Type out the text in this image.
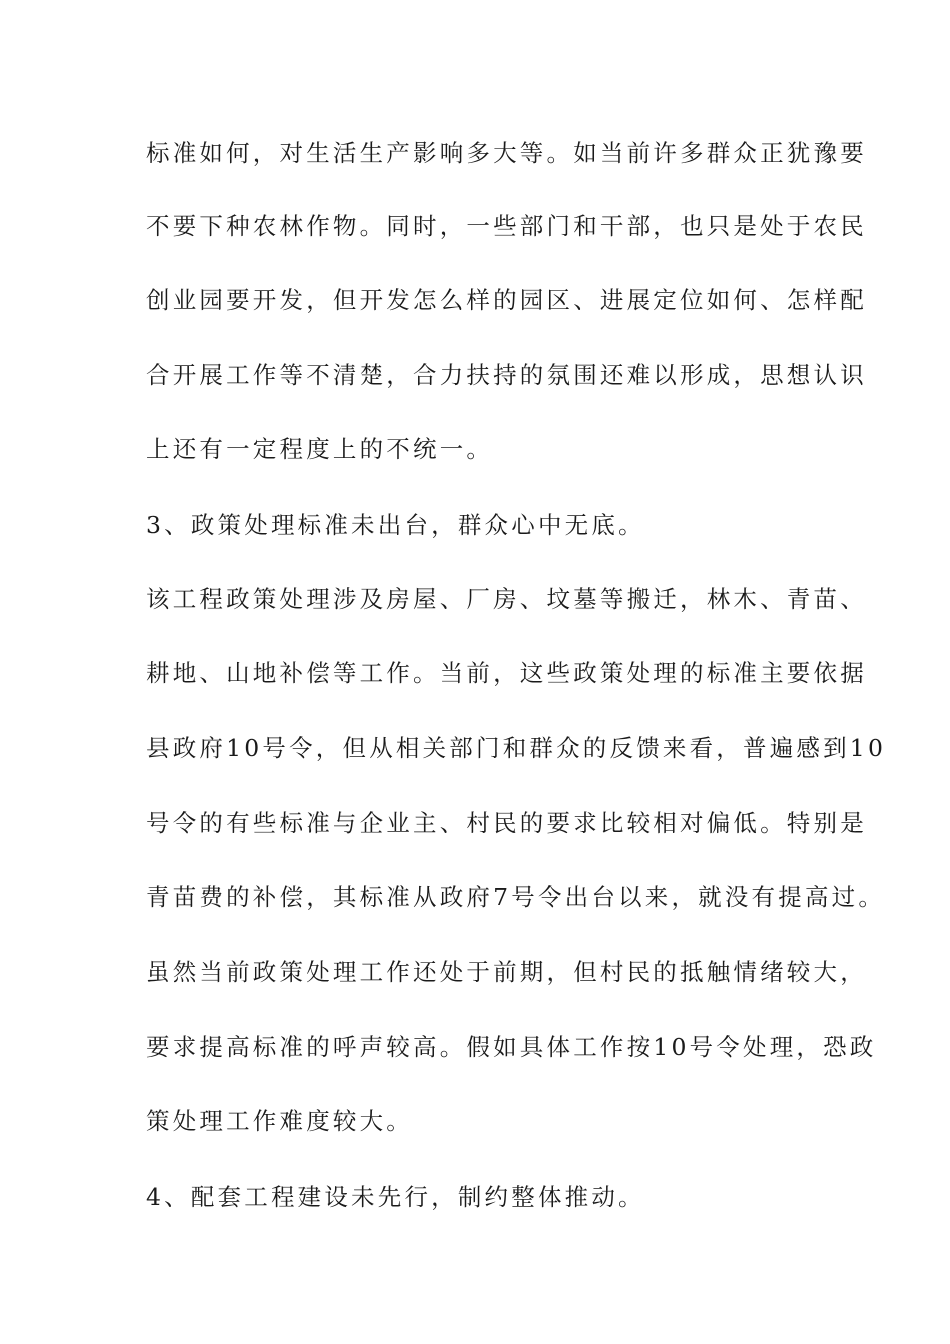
标准如何，对生活生产影响多大等。如当前许多群众正犹豫要
不要下种农林作物。同时，一些部门和干部，也只是处于农民
创业园要开发，但开发怎么样的园区、进展定位如何、怎样配
合开展工作等不清楚，合力扶持的氛围还难以形成，思想认识
上还有一定程度上的不统一。
3、政策处理标准未出台，群众心中无底。
该工程政策处理涉及房屋、厂房、坟墓等搬迁，林木、青苗、
耕地、山地补偿等工作。当前，这些政策处理的标准主要依据
县政府10号令，但从相关部门和群众的反馈来看，普遍感到10
号令的有些标准与企业主、村民的要求比较相对偏低。特别是
青苗费的补偿，其标准从政府7号令出台以来，就没有提高过。
虽然当前政策处理工作还处于前期，但村民的抵触情绪较大，
要求提高标准的呼声较高。假如具体工作按10号令处理，恐政
策处理工作难度较大。
4、配套工程建设未先行，制约整体推动。
